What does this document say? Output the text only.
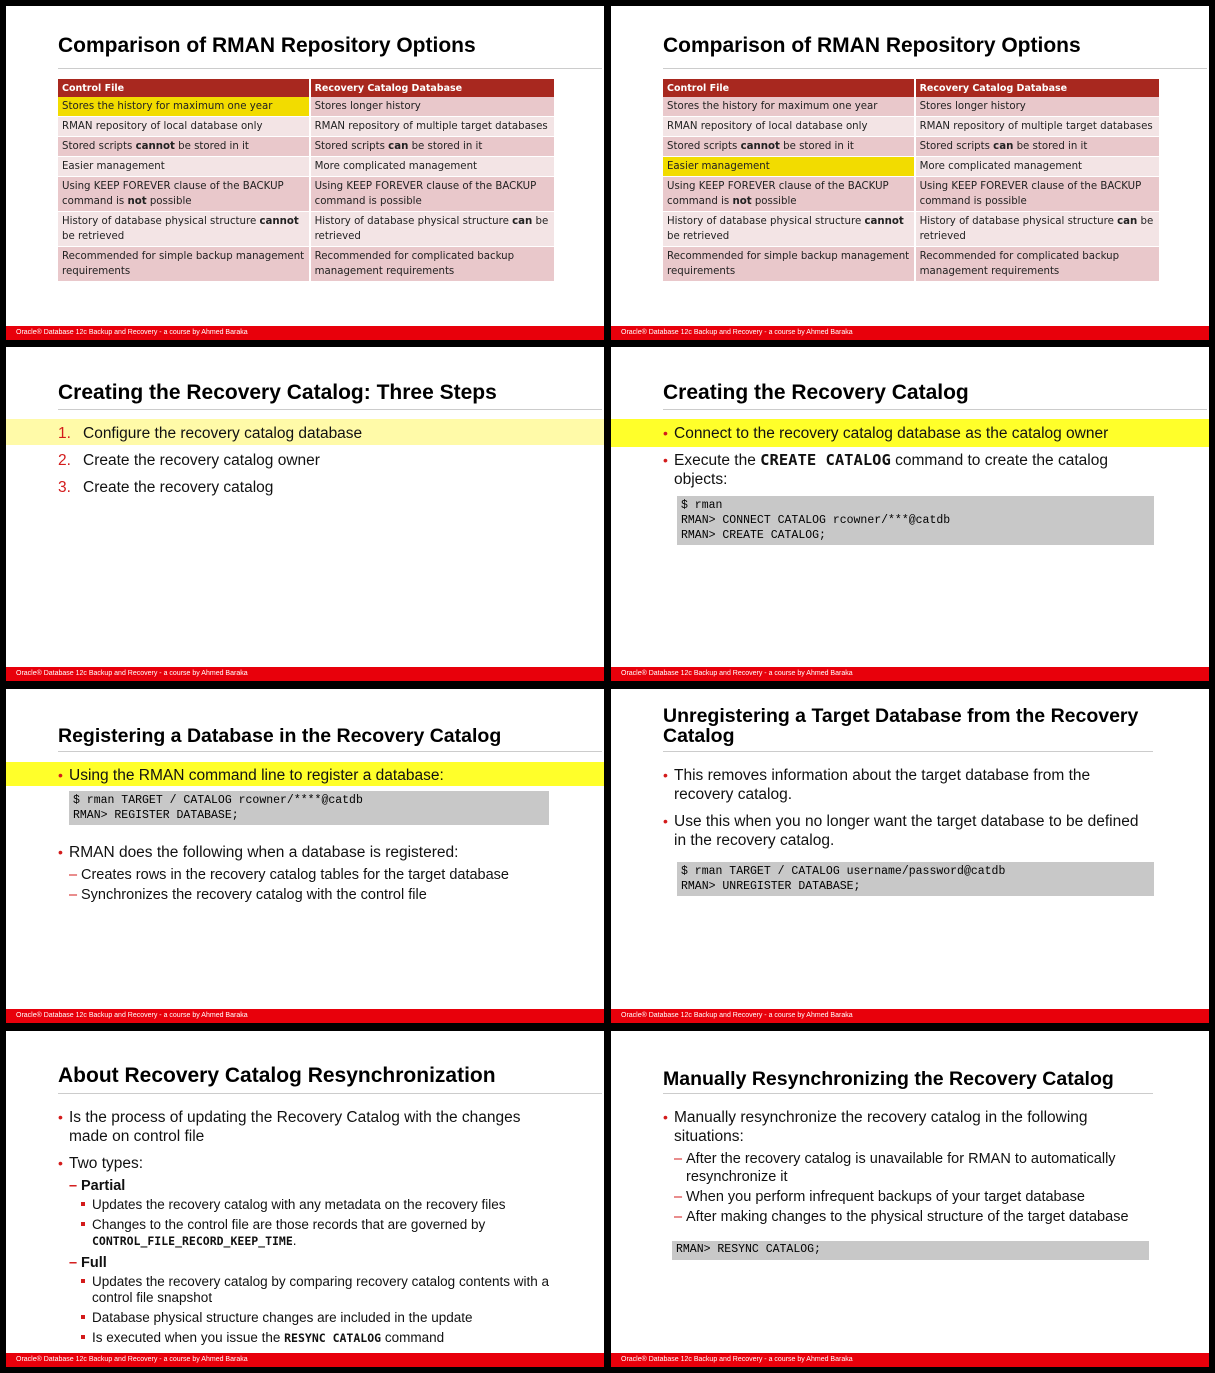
Comparison of RMAN Repository Options
Control File	Recovery Catalog Database
Stores the history for maximum one year	Stores longer history
RMAN repository of local database only	RMAN repository of multiple target databases
Stored scripts cannot be stored in it	Stored scripts can be stored in it
Easier management	More complicated management
Using KEEP FOREVER clause of the BACKUP command is not possible	Using KEEP FOREVER clause of the BACKUP command is possible
History of database physical structure cannot be retrieved	History of database physical structure can be retrieved
Recommended for simple backup management requirements	Recommended for complicated backup management requirements
Oracle® Database 12c Backup and Recovery - a course by Ahmed Baraka
Comparison of RMAN Repository Options
Control File	Recovery Catalog Database
Stores the history for maximum one year	Stores longer history
RMAN repository of local database only	RMAN repository of multiple target databases
Stored scripts cannot be stored in it	Stored scripts can be stored in it
Easier management	More complicated management
Using KEEP FOREVER clause of the BACKUP command is not possible	Using KEEP FOREVER clause of the BACKUP command is possible
History of database physical structure cannot be retrieved	History of database physical structure can be retrieved
Recommended for simple backup management requirements	Recommended for complicated backup management requirements
Oracle® Database 12c Backup and Recovery - a course by Ahmed Baraka
Creating the Recovery Catalog: Three Steps
1. Configure the recovery catalog database
2. Create the recovery catalog owner
3. Create the recovery catalog
Oracle® Database 12c Backup and Recovery - a course by Ahmed Baraka
Creating the Recovery Catalog
• Connect to the recovery catalog database as the catalog owner
• Execute the CREATE CATALOG command to create the catalog objects:
$ rman
RMAN> CONNECT CATALOG rcowner/***@catdb
RMAN> CREATE CATALOG;
Oracle® Database 12c Backup and Recovery - a course by Ahmed Baraka
Registering a Database in the Recovery Catalog
• Using the RMAN command line to register a database:
$ rman TARGET / CATALOG rcowner/****@catdb
RMAN> REGISTER DATABASE;
• RMAN does the following when a database is registered:
– Creates rows in the recovery catalog tables for the target database
– Synchronizes the recovery catalog with the control file
Oracle® Database 12c Backup and Recovery - a course by Ahmed Baraka
Unregistering a Target Database from the Recovery Catalog
• This removes information about the target database from the recovery catalog.
• Use this when you no longer want the target database to be defined in the recovery catalog.
$ rman TARGET / CATALOG username/password@catdb
RMAN> UNREGISTER DATABASE;
Oracle® Database 12c Backup and Recovery - a course by Ahmed Baraka
About Recovery Catalog Resynchronization
• Is the process of updating the Recovery Catalog with the changes made on control file
• Two types:
– Partial
Updates the recovery catalog with any metadata on the recovery files
Changes to the control file are those records that are governed by CONTROL_FILE_RECORD_KEEP_TIME.
– Full
Updates the recovery catalog by comparing recovery catalog contents with a control file snapshot
Database physical structure changes are included in the update
Is executed when you issue the RESYNC CATALOG command
Oracle® Database 12c Backup and Recovery - a course by Ahmed Baraka
Manually Resynchronizing the Recovery Catalog
• Manually resynchronize the recovery catalog in the following situations:
– After the recovery catalog is unavailable for RMAN to automatically resynchronize it
– When you perform infrequent backups of your target database
– After making changes to the physical structure of the target database
RMAN> RESYNC CATALOG;
Oracle® Database 12c Backup and Recovery - a course by Ahmed Baraka
